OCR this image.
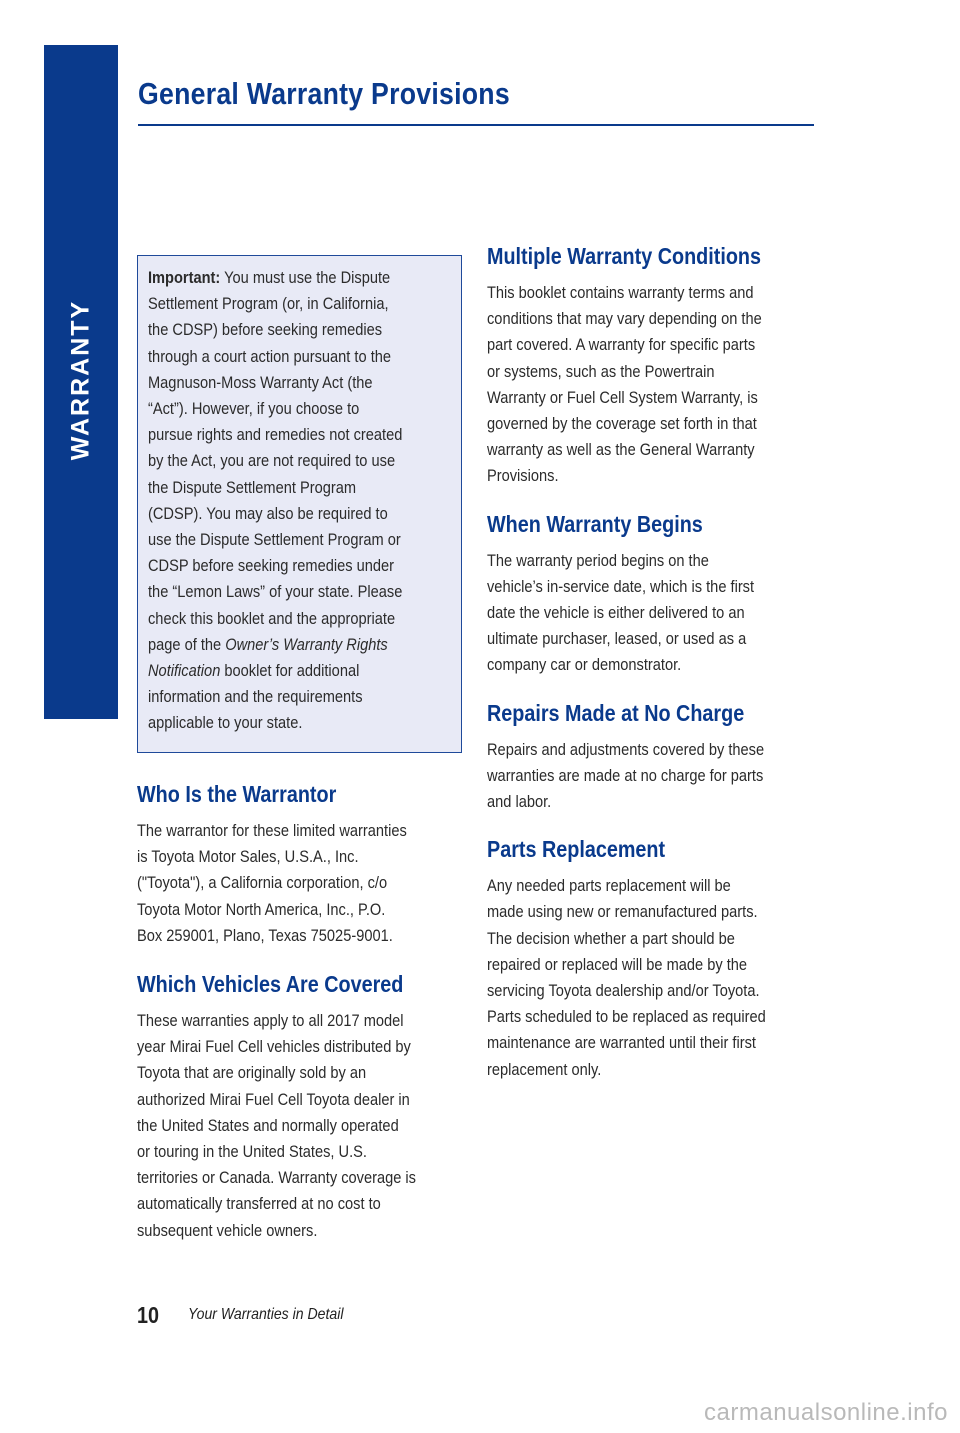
WARRANTY
General Warranty Provisions

Important: You must use the Dispute

Settlement Program (or, in California,

the CDSP) before seeking remedies

through a court action pursuant to the

Magnuson-Moss Warranty Act (the

“Act”). However, if you choose to

pursue rights and remedies not created

by the Act, you are not required to use

the Dispute Settlement Program

(CDSP). You may also be required to

use the Dispute Settlement Program or

CDSP before seeking remedies under

the “Lemon Laws” of your state. Please

check this booklet and the appropriate

page of the Owner’s Warranty Rights

Notification booklet for additional

information and the requirements

applicable to your state.

Who Is the Warrantor
The warrantor for these limited warranties
is Toyota Motor Sales, U.S.A., Inc.
("Toyota"), a California corporation, c/o
Toyota Motor North America, Inc., P.O.
Box 259001, Plano, Texas 75025-9001.
Which Vehicles Are Covered
These warranties apply to all 2017 model
year Mirai Fuel Cell vehicles distributed by
Toyota that are originally sold by an
authorized Mirai Fuel Cell Toyota dealer in
the United States and normally operated
or touring in the United States, U.S.
territories or Canada. Warranty coverage is
automatically transferred at no cost to
subsequent vehicle owners.
Multiple Warranty Conditions
This booklet contains warranty terms and
conditions that may vary depending on the
part covered. A warranty for specific parts
or systems, such as the Powertrain
Warranty or Fuel Cell System Warranty, is
governed by the coverage set forth in that
warranty as well as the General Warranty
Provisions.
When Warranty Begins
The warranty period begins on the
vehicle’s in-service date, which is the first
date the vehicle is either delivered to an
ultimate purchaser, leased, or used as a
company car or demonstrator.
Repairs Made at No Charge
Repairs and adjustments covered by these
warranties are made at no charge for parts
and labor.
Parts Replacement
Any needed parts replacement will be
made using new or remanufactured parts.
The decision whether a part should be
repaired or replaced will be made by the
servicing Toyota dealership and/or Toyota.
Parts scheduled to be replaced as required
maintenance are warranted until their first
replacement only.
10 Your Warranties in Detail
carmanualsonline.info
